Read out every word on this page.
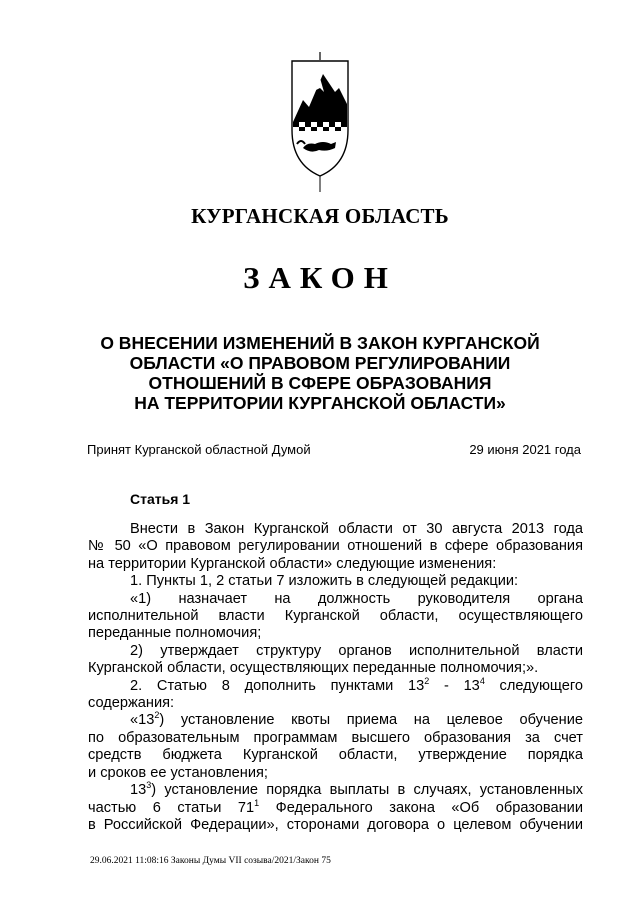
КУРГАНСКАЯ ОБЛАСТЬ
ЗАКОН
О ВНЕСЕНИИ ИЗМЕНЕНИЙ В ЗАКОН КУРГАНСКОЙ
ОБЛАСТИ «О ПРАВОВОМ РЕГУЛИРОВАНИИ
ОТНОШЕНИЙ В СФЕРЕ ОБРАЗОВАНИЯ
НА ТЕРРИТОРИИ КУРГАНСКОЙ ОБЛАСТИ»
Принят Курганской областной Думой	29 июня 2021 года
Статья 1

Внести в Закон Курганской области от 30 августа 2013 года

№ 50 «О правовом регулировании отношений в сфере образования

на территории Курганской области» следующие изменения:

1. Пункты 1, 2 статьи 7 изложить в следующей редакции:

«1) назначает на должность руководителя органа

исполнительной власти Курганской области, осуществляющего

переданные полномочия;

2) утверждает структуру органов исполнительной власти

Курганской области, осуществляющих переданные полномочия;».

2. Статью 8 дополнить пунктами $13^2 - 13^4$ следующего

содержания:

«$13^2$) установление квоты приема на целевое обучение

по образовательным программам высшего образования за счет

средств бюджета Курганской области, утверждение порядка

и сроков ее установления;

$13^3$) установление порядка выплаты в случаях, установленных

частью 6 статьи $71^1$ Федерального закона «Об образовании

в Российской Федерации», сторонами договора о целевом обучении

29.06.2021 11:08:16 Законы Думы VII созыва/2021/Закон 75
